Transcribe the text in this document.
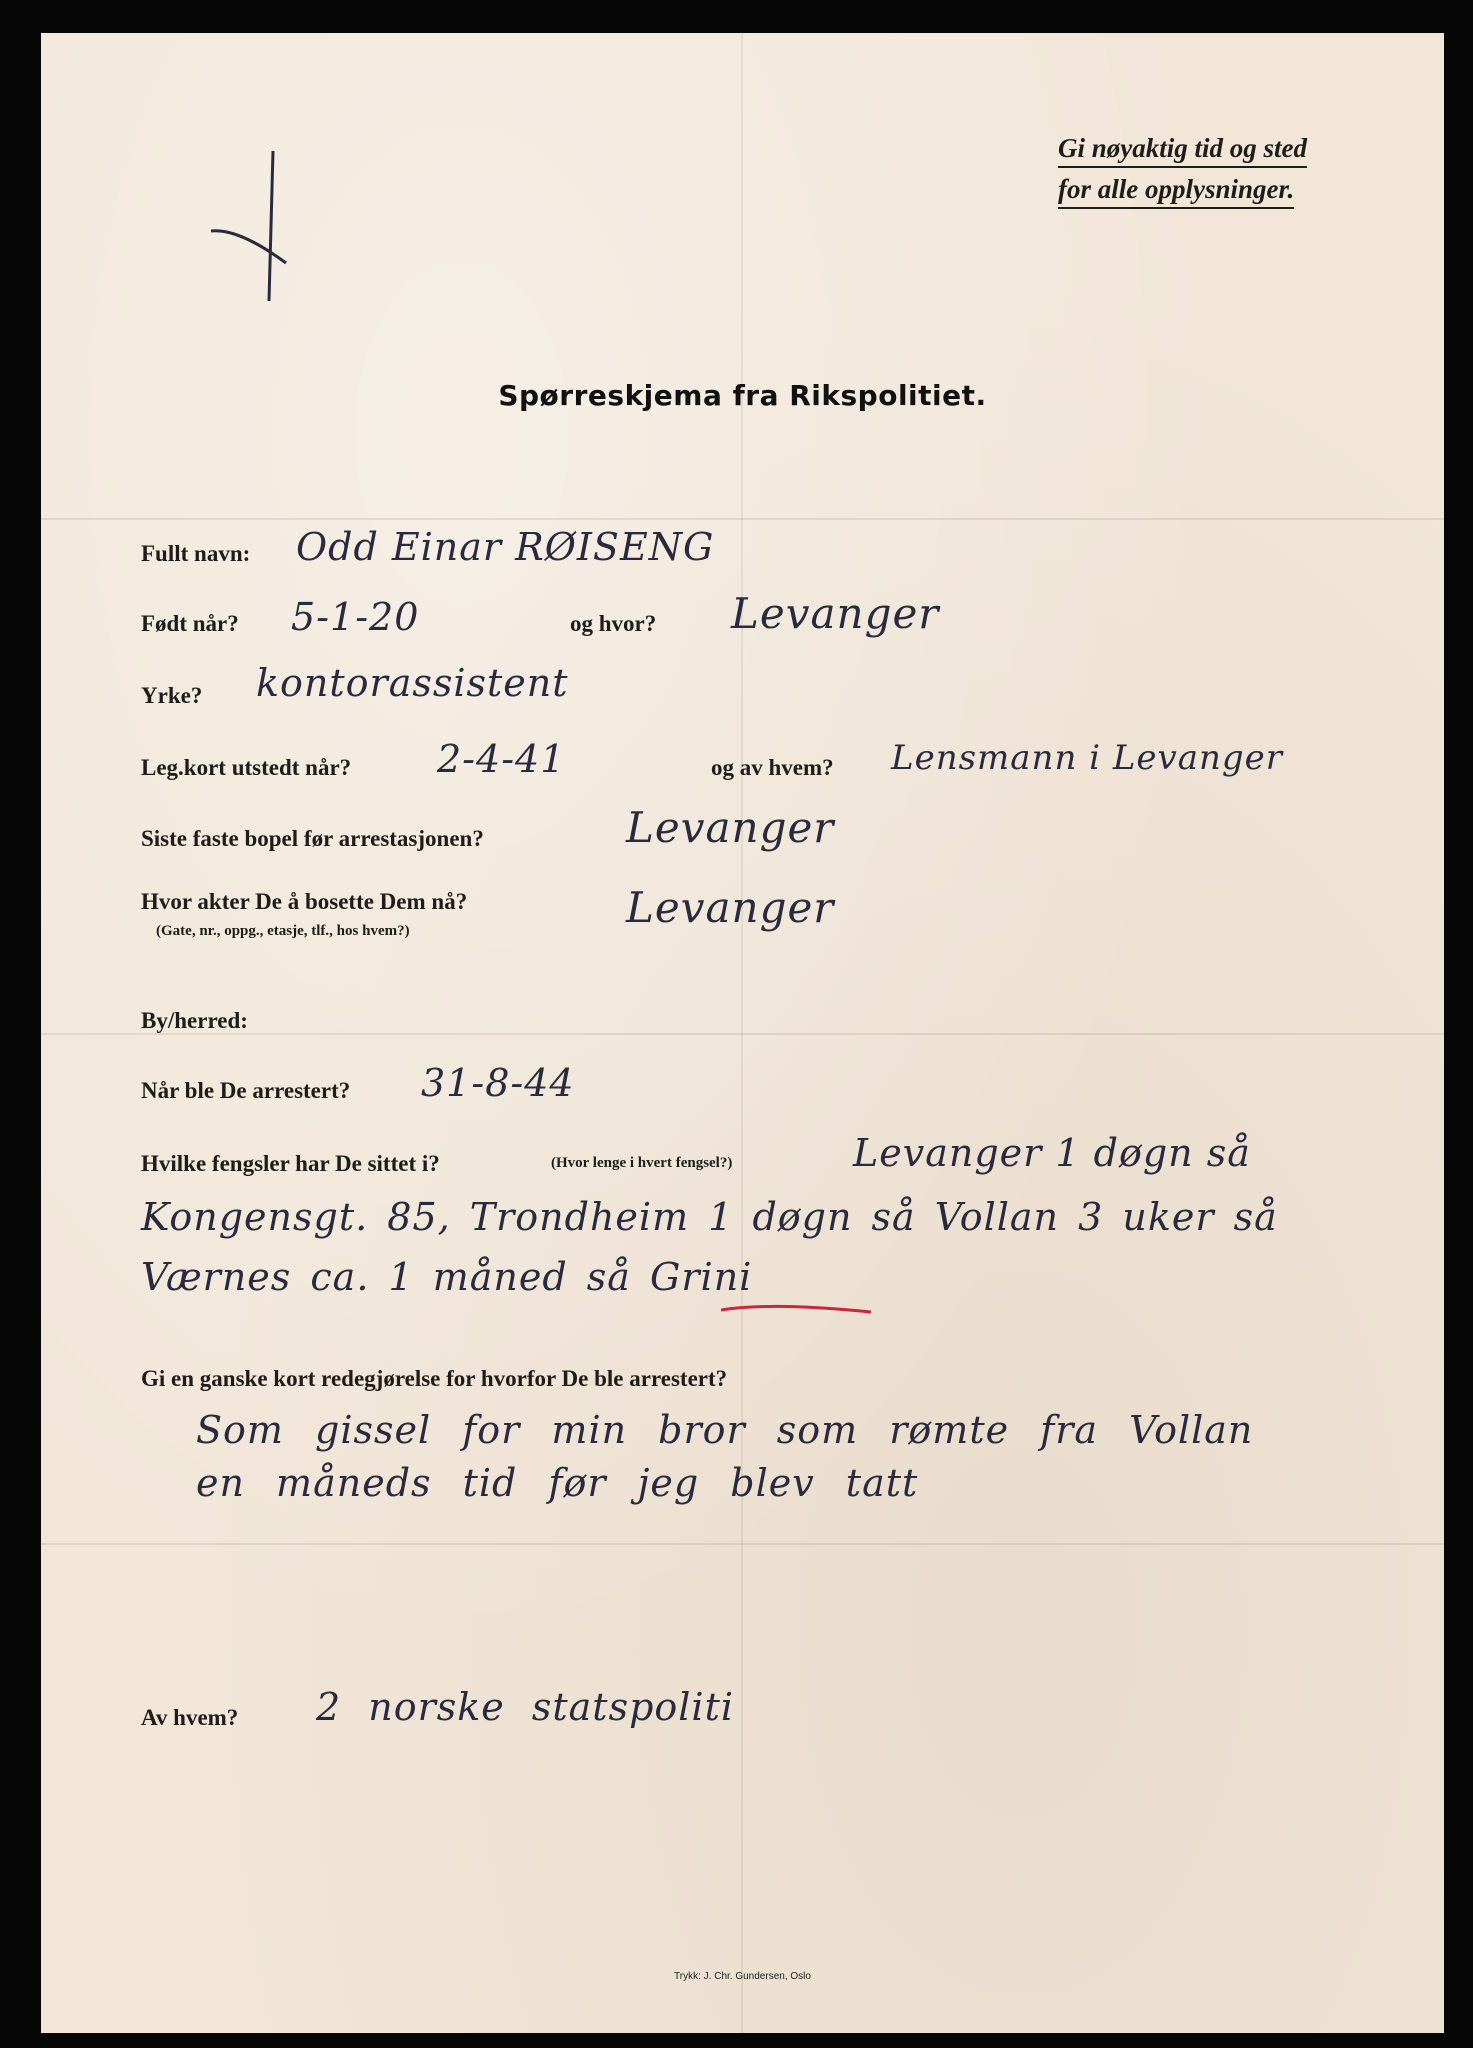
Gi nøyaktig tid og sted
for alle opplysninger.
Spørreskjema fra Rikspolitiet.
Fullt navn: Odd Einar RØISENG
Født når? 5-1-20	og hvor? Levanger
Yrke? kontorassistent
Leg.kort utstedt når? 2-4-41	og av hvem? Lensmann i Levanger
Siste faste bopel før arrestasjonen?	Levanger
Hvor akter De å bosette Dem nå?
(Gate, nr., oppg., etasje, tlf., hos hvem?)	Levanger
By/herred:
Når ble De arrestert? 31-8-44
Hvilke fengsler har De sittet i?	(Hvor lenge i hvert fengsel?)	Levanger 1 døgn så
Kongensgt. 85, Trondheim 1 døgn så Vollan 3 uker så
Værnes ca. 1 måned så Grini
Gi en ganske kort redegjørelse for hvorfor De ble arrestert?
Som gissel for min bror som rømte fra Vollan
en måneds tid før jeg blev tatt
Av hvem? 2 norske statspoliti
Trykk: J. Chr. Gundersen, Oslo
